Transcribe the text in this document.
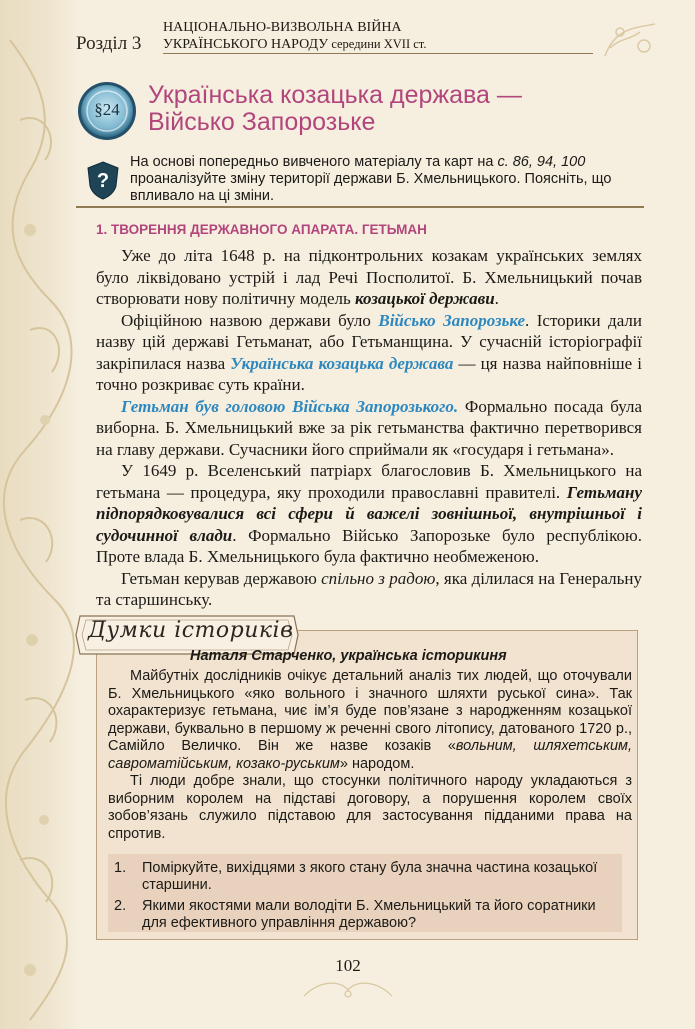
Розділ 3
НАЦІОНАЛЬНО-ВИЗВОЛЬНА ВІЙНА
УКРАЇНСЬКОГО НАРОДУ середини XVII ст.
§24
Українська козацька держава —
Військо Запорозьке
?
На основі попередньо вивченого матеріалу та карт на с. 86, 94, 100 проаналізуйте зміну території держави Б. Хмельницького. Поясніть, що впливало на ці зміни.
1. ТВОРЕННЯ ДЕРЖАВНОГО АПАРАТА. ГЕТЬМАН

Уже до літа 1648 р. на підконтрольних козакам українських землях було ліквідовано устрій і лад Речі Посполитої. Б. Хмельницький почав створювати нову політичну модель козацької держави.

Офіційною назвою держави було Військо Запорозьке. Історики дали назву цій державі Гетьманат, або Гетьманщина. У сучасній історіографії закріпилася назва Українська козацька держава — ця назва найповніше і точно розкриває суть країни.

Гетьман був головою Війська Запорозького. Формально посада була виборна. Б. Хмельницький вже за рік гетьманства фактично перетворився на главу держави. Сучасники його сприймали як «государя і гетьмана».

У 1649 р. Вселенський патріарх благословив Б. Хмельницького на гетьмана — процедура, яку проходили православні правителі. Гетьману підпорядковувалися всі сфери й важелі зовнішньої, внутрішньої і судочинної влади. Формально Військо Запорозьке було республікою. Проте влада Б. Хмельницького була фактично необмеженою.

Гетьман керував державою спільно з радою, яка ділилася на Генеральну та старшинську.

Думки істориків
Наталя Старченко, українська історикиня

Майбутніх дослідників очікує детальний аналіз тих людей, що оточували Б. Хмельницького «якo вольного і значного шляхти руської сина». Так охарактеризує гетьмана, чиє ім’я буде пов’язане з народженням козацької держави, буквально в першому ж реченні свого літопису, датованого 1720 р., Самійло Величко. Він же назве козаків «вольним, шляхетським, савроматійським, козако-руським» народом.

Ті люди добре знали, що стосунки політичного народу укладаються з виборним королем на підставі договору, а порушення королем своїх зобов’язань служило підставою для застосування підданими права на спротив.

1.	Поміркуйте, вихідцями з якого стану була значна частина козацької старшини.
2.	Якими якостями мали володіти Б. Хмельницький та його соратники для ефективного управління державою?
102
